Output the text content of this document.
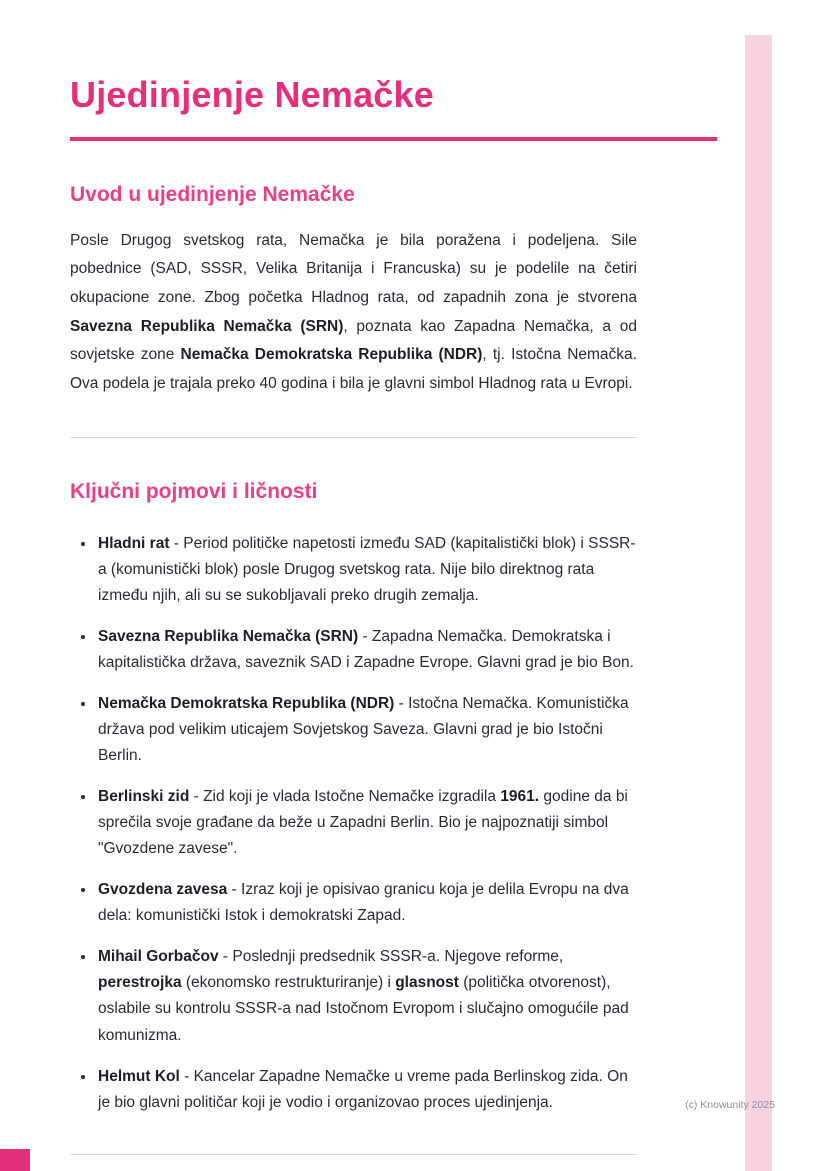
Ujedinjenje Nemačke
Uvod u ujedinjenje Nemačke

Posle Drugog svetskog rata, Nemačka je bila poražena i podeljena. Sile pobednice (SAD, SSSR, Velika Britanija i Francuska) su je podelile na četiri okupacione zone. Zbog početka Hladnog rata, od zapadnih zona je stvorena Savezna Republika Nemačka (SRN), poznata kao Zapadna Nemačka, a od sovjetske zone Nemačka Demokratska Republika (NDR), tj. Istočna Nemačka. Ova podela je trajala preko 40 godina i bila je glavni simbol Hladnog rata u Evropi.

Ključni pojmovi i ličnosti
• Hladni rat - Period političke napetosti između SAD (kapitalistički blok) i SSSR-a (komunistički blok) posle Drugog svetskog rata. Nije bilo direktnog rata između njih, ali su se sukobljavali preko drugih zemalja.
• Savezna Republika Nemačka (SRN) - Zapadna Nemačka. Demokratska i kapitalistička država, saveznik SAD i Zapadne Evrope. Glavni grad je bio Bon.
• Nemačka Demokratska Republika (NDR) - Istočna Nemačka. Komunistička država pod velikim uticajem Sovjetskog Saveza. Glavni grad je bio Istočni Berlin.
• Berlinski zid - Zid koji je vlada Istočne Nemačke izgradila 1961. godine da bi sprečila svoje građane da beže u Zapadni Berlin. Bio je najpoznatiji simbol "Gvozdene zavese".
• Gvozdena zavesa - Izraz koji je opisivao granicu koja je delila Evropu na dva dela: komunistički Istok i demokratski Zapad.
• Mihail Gorbačov - Poslednji predsednik SSSR-a. Njegove reforme, perestrojka (ekonomsko restrukturiranje) i glasnost (politička otvorenost), oslabile su kontrolu SSSR-a nad Istočnom Evropom i slučajno omogućile pad komunizma.
• Helmut Kol - Kancelar Zapadne Nemačke u vreme pada Berlinskog zida. On je bio glavni političar koji je vodio i organizovao proces ujedinjenja.	(c) Knowunity 2025
